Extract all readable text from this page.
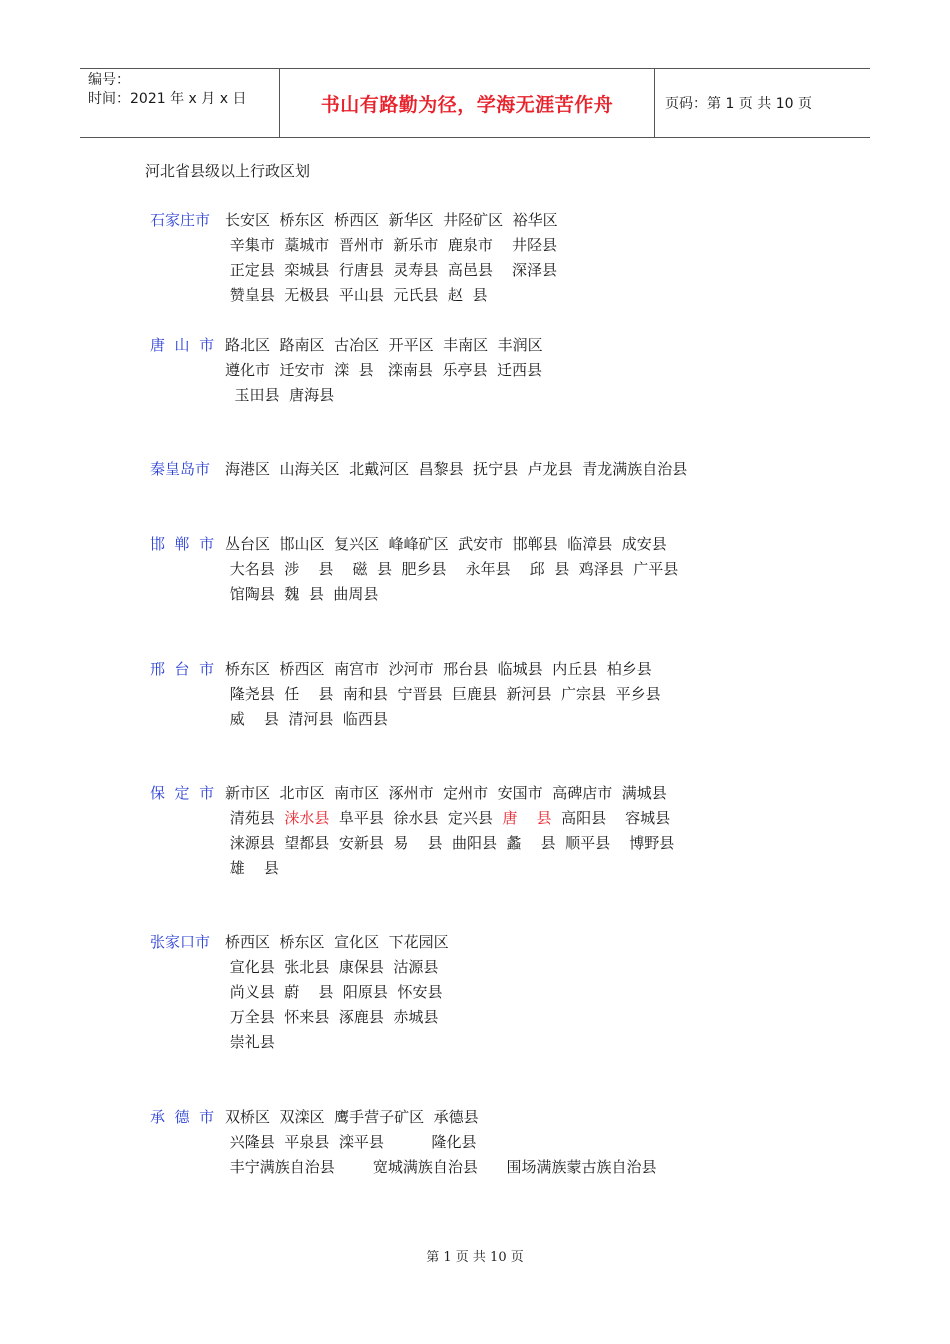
编号：
时间：2021 年 x 月 x 日	书山有路勤为径，学海无涯苦作舟	页码：第 1 页 共 10 页
河北省县级以上行政区划
石家庄市 长安区  桥东区  桥西区  新华区  井陉矿区  裕华区
辛集市  藁城市  晋州市  新乐市  鹿泉市    井陉县
正定县  栾城县  行唐县  灵寿县  高邑县    深泽县
赞皇县  无极县  平山县  元氏县  赵  县
唐  山  市 路北区  路南区  古冶区  开平区  丰南区  丰润区
遵化市  迁安市  滦  县   滦南县  乐亭县  迁西县
玉田县  唐海县
秦皇岛市 海港区  山海关区  北戴河区  昌黎县  抚宁县  卢龙县  青龙满族自治县
邯  郸  市 丛台区  邯山区  复兴区  峰峰矿区  武安市  邯郸县  临漳县  成安县
大名县  涉    县    磁  县  肥乡县    永年县    邱  县  鸡泽县  广平县
馆陶县  魏  县  曲周县
邢  台  市 桥东区  桥西区  南宫市  沙河市  邢台县  临城县  内丘县  柏乡县
隆尧县  任    县  南和县  宁晋县  巨鹿县  新河县  广宗县  平乡县
威    县  清河县  临西县
保  定  市 新市区  北市区  南市区  涿州市  定州市  安国市  高碑店市  满城县
清苑县  涞水县  阜平县  徐水县  定兴县  唐    县  高阳县    容城县
涞源县  望都县  安新县  易    县  曲阳县  蠡    县  顺平县    博野县
雄    县
张家口市 桥西区  桥东区  宣化区  下花园区
宣化县  张北县  康保县  沽源县
尚义县  蔚    县  阳原县  怀安县
万全县  怀来县  涿鹿县  赤城县
崇礼县
承  德  市 双桥区  双滦区  鹰手营子矿区  承德县
兴隆县  平泉县  滦平县          隆化县
丰宁满族自治县        宽城满族自治县      围场满族蒙古族自治县
第 1 页 共 10 页
